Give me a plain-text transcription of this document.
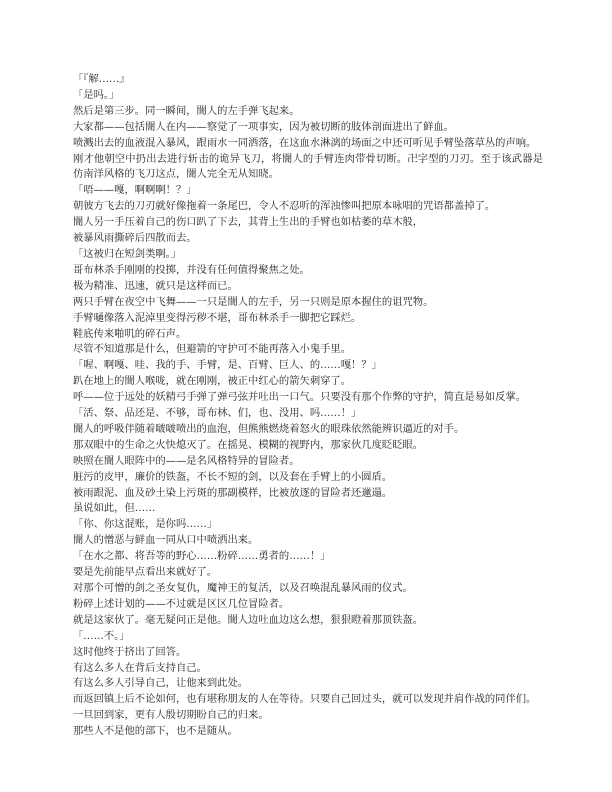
「『解……』

「是吗。」

然后是第三步。同一瞬间，闇人的左手弹飞起来。

大家都——包括闇人在内——察觉了一项事实，因为被切断的肢体剖面进出了鲜血。

喷溅出去的血液混入暴风，跟雨水一同洒落，在这血水淋漓的场面之中还可听见手臂坠落草丛的声响。

刚才他朝空中扔出去进行斩击的诡异飞刀，将闇人的手臂连肉带骨切断。卍字型的刀刃。至于该武器是仿南洋风格的飞刀这点，闇人完全无从知晓。

「唔——嘎，啊啊啊！？」

朝彼方飞去的刀刃就好像拖着一条尾巴，令人不忍听的浑浊惨叫把原本咏唱的咒语都盖掉了。

闇人另一手压着自己的伤口趴了下去，其背上生出的手臂也如枯萎的草木般，

被暴风雨撕碎后四散而去。

「这被归在短剑类啊。」

哥布林杀手刚刚的投掷，并没有任何值得聚焦之处。

极为精准、迅速，就只是这样而已。

两只手臂在夜空中飞舞——一只是闇人的左手，另一只则是原本握住的诅咒物。

手臂嗵像落入泥淖里变得污秽不堪，哥布林杀手一脚把它踩烂。

鞋底传来啪叽的碎石声。

尽管不知道那是什么，但避箭的守护可不能再落入小鬼手里。

「喔、啊嘎、哇、我的手、手臂，是、百臂、巨人、的……嘎！？」

趴在地上的闇人喉咙，就在刚刚，被正中红心的箭矢刺穿了。

呼——位于远处的妖精弓手弹了弹弓弦并吐出一口气。只要没有那个作弊的守护，简直是易如反掌。

「活、祭、品还是、不够，哥布林、们，也、没用、吗……！」

闇人的呼吸伴随着啵啵喷出的血泡，但熊熊燃烧着怒火的眼珠依然能辨识逼近的对手。

那双眼中的生命之火快熄灭了。在摇晃、模糊的视野内，那家伙几度眨眨眼。

映照在闇人眼阵中的——是名风格特异的冒险者。

脏污的皮甲，廉价的铁盔，不长不短的剑，以及套在手臂上的小圆盾。

被雨跟泥、血及砂土染上污斑的那副模样，比被放逐的冒险者还邋遢。

虽说如此，但……

「你、你这混账，是你吗……」

闇人的憎恶与鲜血一同从口中喷洒出来。

「在水之都、将吾等的野心……粉碎……勇者的……！」

要是先前能早点看出来就好了。

对那个可憎的剑之圣女复仇，魔神王的复活，以及召唤混乱暴风雨的仪式。

粉碎上述计划的——不过就是区区几位冒险者。

就是这家伙了。毫无疑问正是他。闇人边吐血边这么想，狠狠瞪着那顶铁盔。

「……不。」

这时他终于挤出了回答。

有这么多人在背后支持自己。

有这么多人引导自己，让他来到此处。

而返回镇上后不论如何，也有堪称朋友的人在等待。只要自己回过头，就可以发现并肩作战的同伴们。

一旦回到家，更有人殷切期盼自己的归来。

那些人不是他的部下，也不是随从。
